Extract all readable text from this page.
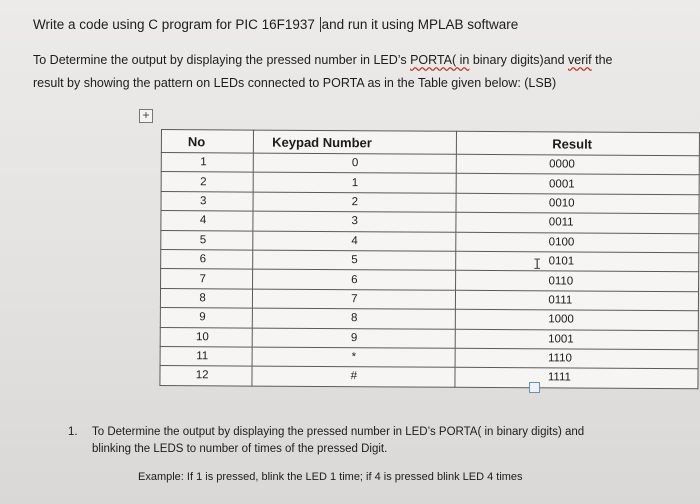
Write a code using C program for PIC 16F1937 and run it using MPLAB software
To Determine the output by displaying the pressed number in LED’s PORTA( in binary digits)and verif the
result by showing the pattern on LEDs connected to PORTA as in the Table given below: (LSB)
+
No	Keypad Number	Result
1	0	0000
2	1	0001
3	2	0010
4	3	0011
5	4	0100
6	5	0101
7	6	0110
8	7	0111
9	8	1000
10	9	1001
11	*	1110
12	#	1111
I
1. To Determine the output by displaying the pressed number in LED’s PORTA( in binary digits) and
blinking the LEDS to number of times of the pressed Digit.
Example: If 1 is pressed, blink the LED 1 time; if 4 is pressed blink LED 4 times
